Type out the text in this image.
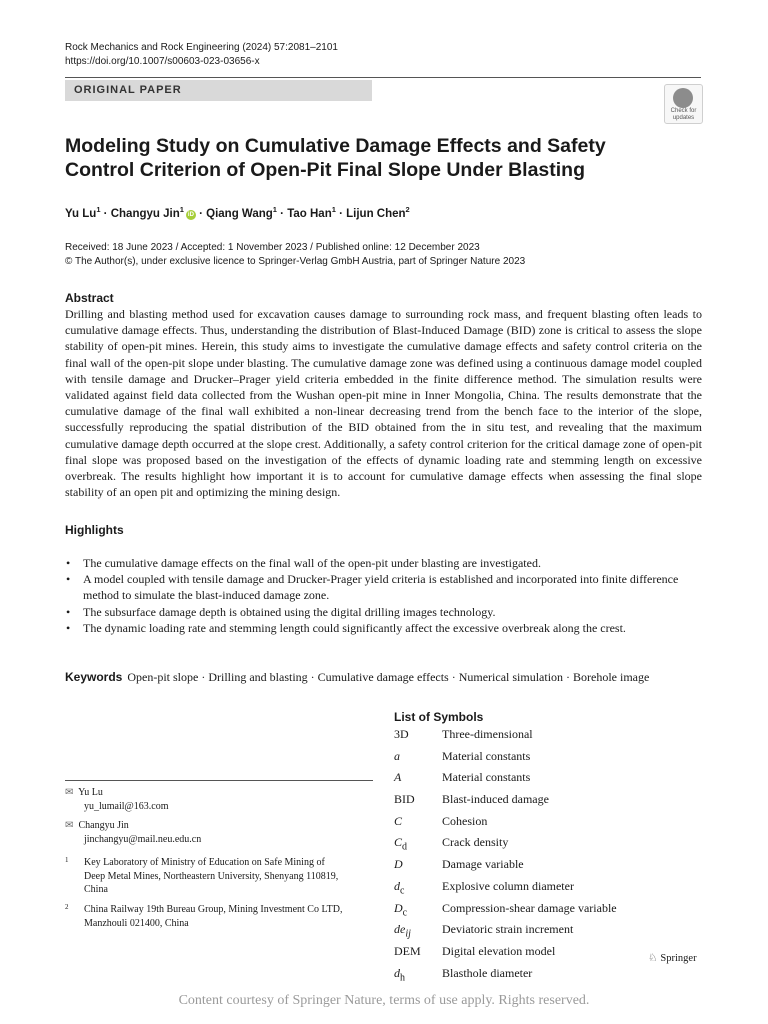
Rock Mechanics and Rock Engineering (2024) 57:2081–2101
https://doi.org/10.1007/s00603-023-03656-x
ORIGINAL PAPER
Check for
updates
Modeling Study on Cumulative Damage Effects and Safety Control Criterion of Open-Pit Final Slope Under Blasting
Yu $Lu^1$ · Changyu Jin$^1$iD · Qiang Wang$^1$ · Tao Han$^1$ · Lijun Chen$^2$
Received: 18 June 2023 / Accepted: 1 November 2023 / Published online: 12 December 2023
© The Author(s), under exclusive licence to Springer-Verlag GmbH Austria, part of Springer Nature 2023
Abstract
Drilling and blasting method used for excavation causes damage to surrounding rock mass, and frequent blasting often leads to cumulative damage effects. Thus, understanding the distribution of Blast-Induced Damage (BID) zone is critical to assess the slope stability of open-pit mines. Herein, this study aims to investigate the cumulative damage effects and safety control criteria on the final wall of the open-pit slope under blasting. The cumulative damage zone was defined using a continuous damage model coupled with tensile damage and Drucker–Prager yield criteria embedded in the finite difference method. The simulation results were validated against field data collected from the Wushan open-pit mine in Inner Mongolia, China. The results demonstrate that the cumulative damage of the final wall exhibited a non-linear decreasing trend from the bench face to the interior of the slope, successfully reproducing the spatial distribution of the BID obtained from the in situ test, and revealing that the maximum cumulative damage depth occurred at the slope crest. Additionally, a safety control criterion for the critical damage zone of open-pit final slope was proposed based on the investigation of the effects of dynamic loading rate and stemming length on excessive overbreak. The results highlight how important it is to account for cumulative damage effects when assessing the final slope stability of an open pit and optimizing the mining design.
Highlights
• The cumulative damage effects on the final wall of the open-pit under blasting are investigated.
• A model coupled with tensile damage and Drucker-Prager yield criteria is established and incorporated into finite difference method to simulate the blast-induced damage zone.
• The subsurface damage depth is obtained using the digital drilling images technology.
• The dynamic loading rate and stemming length could significantly affect the excessive overbreak along the crest.
Keywords Open-pit slope · Drilling and blasting · Cumulative damage effects · Numerical simulation · Borehole image
List of Symbols
3D	Three-dimensional
a	Material constants
A	Material constants
BID	Blast-induced damage
C	Cohesion
$C_d$	Crack density
D	Damage variable
$d_c$	Explosive column diameter
$D_c$	Compression-shear damage variable
$de_{ij}$	Deviatoric strain increment
DEM	Digital elevation model
$d_h$	Blasthole diameter
✉ Yu Lu
yu_lumail@163.com
✉ Changyu Jin
jinchangyu@mail.neu.edu.cn
1 Key Laboratory of Ministry of Education on Safe Mining of Deep Metal Mines, Northeastern University, Shenyang 110819, China
2 China Railway 19th Bureau Group, Mining Investment Co LTD, Manzhouli 021400, China
♘ Springer
Content courtesy of Springer Nature, terms of use apply. Rights reserved.
